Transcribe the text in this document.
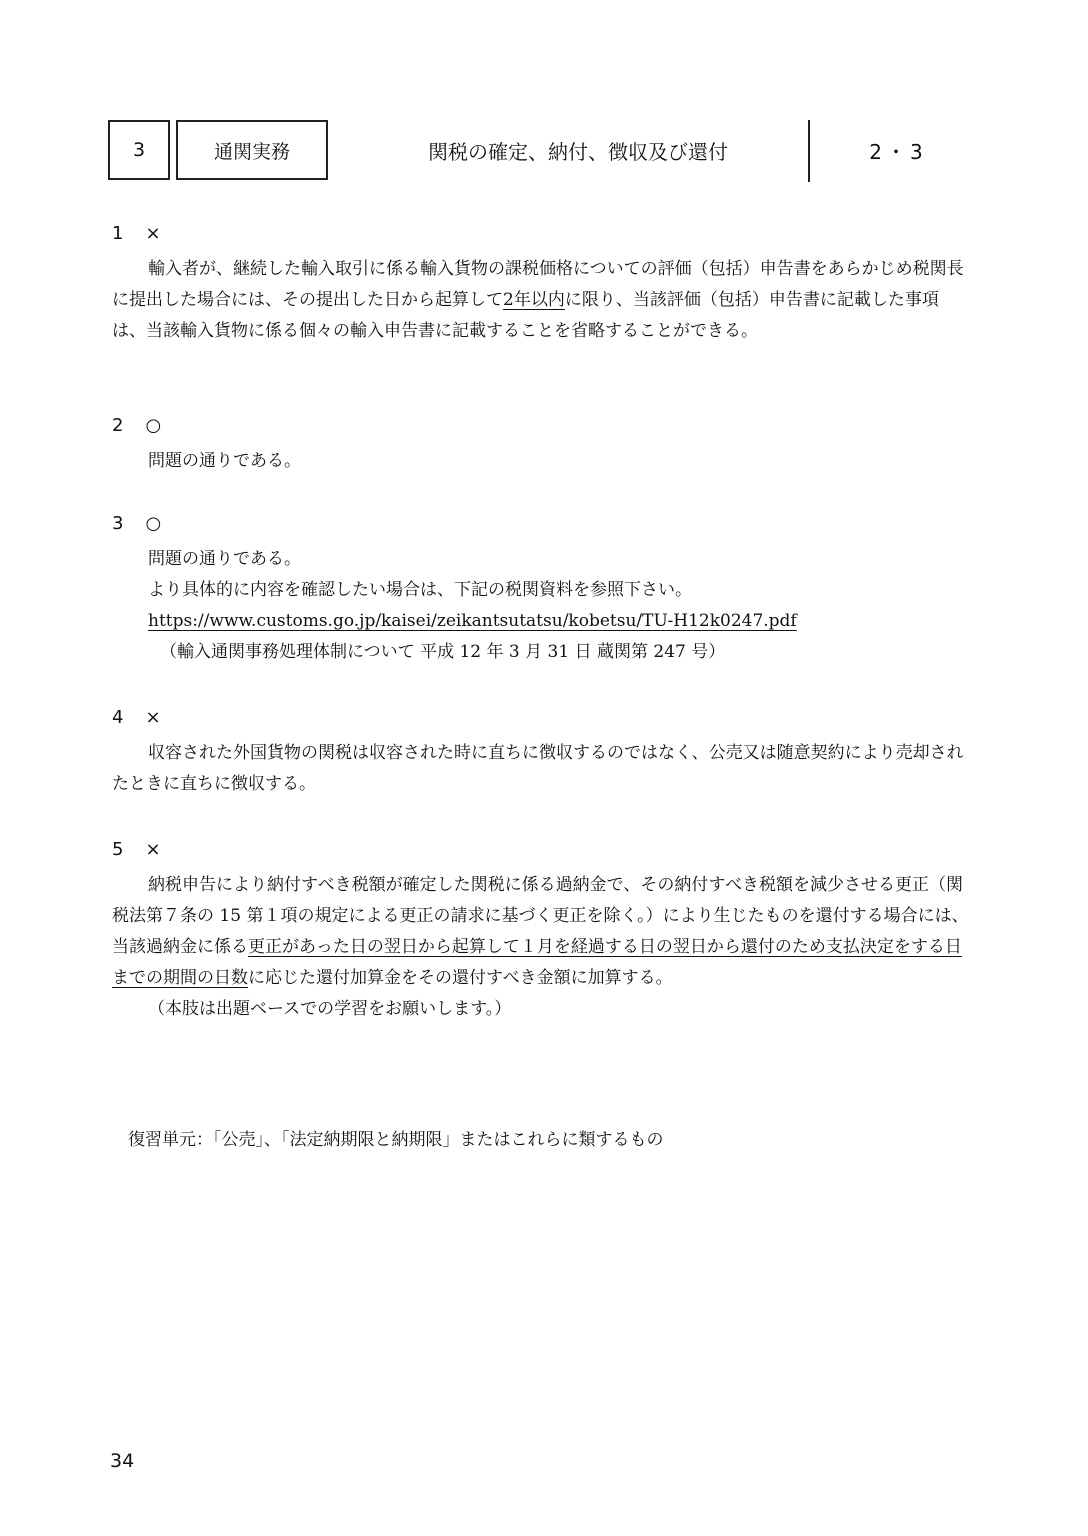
3	通関実務	関税の確定、納付、徴収及び還付	2・3
1 ×

輸入者が、継続した輸入取引に係る輸入貨物の課税価格についての評価（包括）申告書をあらかじめ税関長に提出した場合には、その提出した日から起算して2年以内に限り、当該評価（包括）申告書に記載した事項は、当該輸入貨物に係る個々の輸入申告書に記載することを省略することができる。

2 ○

問題の通りである。

3 ○

問題の通りである。

より具体的に内容を確認したい場合は、下記の税関資料を参照下さい。

https://www.customs.go.jp/kaisei/zeikantsutatsu/kobetsu/TU-H12k0247.pdf

（輸入通関事務処理体制について 平成 12 年 3 月 31 日 蔵関第 247 号）

4 ×

収容された外国貨物の関税は収容された時に直ちに徴収するのではなく、公売又は随意契約により売却されたときに直ちに徴収する。

5 ×

納税申告により納付すべき税額が確定した関税に係る過納金で、その納付すべき税額を減少させる更正（関税法第７条の 15 第１項の規定による更正の請求に基づく更正を除く。）により生じたものを還付する場合には、当該過納金に係る更正があった日の翌日から起算して１月を経過する日の翌日から還付のため支払決定をする日までの期間の日数に応じた還付加算金をその還付すべき金額に加算する。

（本肢は出題ベースでの学習をお願いします。）

復習単元：「公売」、「法定納期限と納期限」またはこれらに類するもの
34
